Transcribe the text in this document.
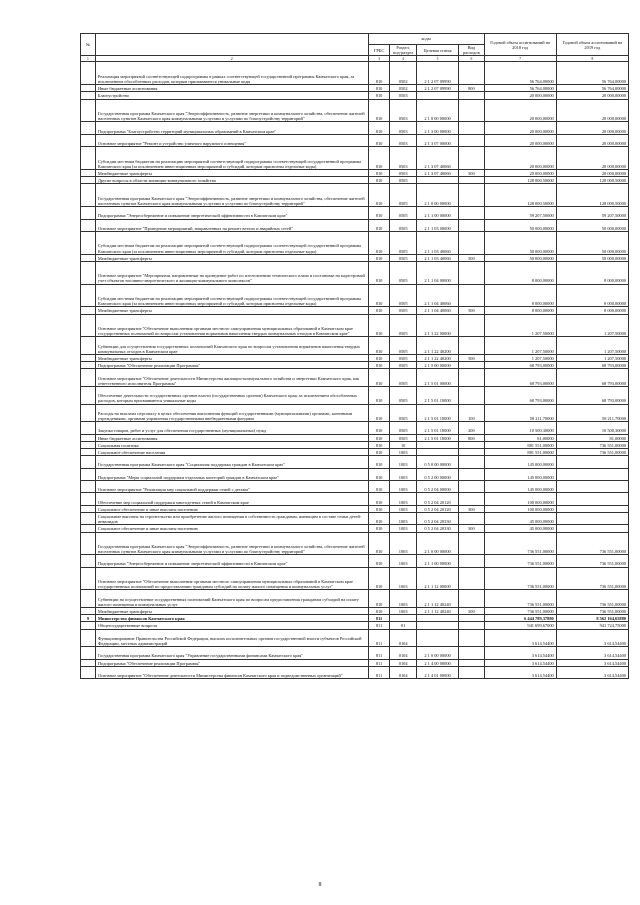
№		коды				Годовой объем ассигнований на 2018 год	Годовой объем ассигнований на 2019 год
		ГРБС	Раздел, под-раздел	Целевая статья	Вид расходов		
1	2	3	4	5	6	7	8
	Реализация мероприятий соответствующей подпрограммы в рамках соответствующей государственной программы Камчатского края, за исключением обособленных расходов, которым присваиваются уникальные коды	810	0502	2 1 2 07 09990		56 764,00000	56 764,00000
	Иные бюджетные ассигнования	810	0502	2 1 2 07 09990	800	56 764,00000	56 764,00000
	Благоустройство	810	0503			20 000,00000	20 000,00000
	Государственная программа Камчатского края "Энергоэффективность, развитие энергетики и коммунального хозяйства, обеспечение жителей населенных пунктов Камчатского края коммунальными услугами и услугами по благоустройству территорий"	810	0503	2 1 0 00 00000		20 000,00000	20 000,00000
	Подпрограмма "Благоустройство территорий муниципальных образований в Камчатском крае"	810	0503	2 1 3 00 00000		20 000,00000	20 000,00000
	Основное мероприятие "Ремонт и устройство уличного наружного освещения"	810	0503	2 1 3 07 00000		20 000,00000	20 000,00000
	Субсидии местным бюджетам на реализацию мероприятий соответствующей подпрограммы соответствующей государственной программы Камчатского края (за исключением инвестиционных мероприятий и субсидий, которым присвоены отдельные коды)	810	0503	2 1 3 07 40060		20 000,00000	20 000,00000
	Межбюджетные трансферты	810	0503	2 1 3 07 40060	500	20 000,00000	20 000,00000
	Другие вопросы в области жилищно-коммунального хозяйства	810	0505			128 000,50000	128 000,50000
	Государственная программа Камчатского края "Энергоэффективность, развитие энергетики и коммунального хозяйства, обеспечение жителей населенных пунктов Камчатского края коммунальными услугами и услугами по благоустройству территорий"	810	0505	2 1 0 00 00000		128 000,50000	128 000,50000
	Подпрограмма "Энергосбережение и повышение энергетической эффективности в Камчатском крае"	810	0505	2 1 1 00 00000		59 207,50000	59 207,50000
	Основное мероприятие "Проведение мероприятий, направленных на ремонт ветхих и аварийных сетей"	810	0505	2 1 1 03 00000		50 000,00000	50 000,00000
	Субсидии местным бюджетам на реализацию мероприятий соответствующей подпрограммы соответствующей государственной программы Камчатского края (за исключением инвестиционных мероприятий и субсидий, которым присвоены отдельные коды)	810	0505	2 1 1 03 40060		50 000,00000	50 000,00000
	Межбюджетные трансферты	810	0505	2 1 1 03 40060	500	50 000,00000	50 000,00000
	Основное мероприятие "Мероприятия, направленные на проведение работ по изготовлению технического плана и постановке на кадастровый учет объектов топливно-энергетического и жилищно-коммунального комплексов"	810	0505	2 1 1 04 00000		8 000,00000	8 000,00000
	Субсидии местным бюджетам на реализацию мероприятий соответствующей подпрограммы соответствующей государственной программы Камчатского края (за исключением инвестиционных мероприятий и субсидий, которым присвоены отдельные коды)	810	0505	2 1 1 04 40060		8 000,00000	8 000,00000
	Межбюджетные трансферты	810	0505	2 1 1 04 40060	500	8 000,00000	8 000,00000
	Основное мероприятие "Обеспечение выполнения органами местного самоуправления муниципальных образований в Камчатском крае государственных полномочий по вопросам установления нормативов накопления твердых коммунальных отходов в Камчатском крае"	810	0505	2 1 1 22 00000		1 207,50000	1 207,50000
	Субвенции для осуществления государственных полномочий Камчатского края по вопросам установления нормативов накопления твердых коммунальных отходов в Камчатском крае	810	0505	2 1 1 22 40200		1 207,50000	1 207,50000
	Межбюджетные трансферты	810	0505	2 1 1 22 40200	500	1 207,50000	1 207,50000
	Подпрограмма "Обеспечение реализации Программы"	810	0505	2 1 5 00 00000		68 793,00000	68 793,00000
	Основное мероприятие "Обеспечение деятельности Министерства жилищно-коммунального хозяйства и энергетики Камчатского края, как ответственного исполнителя Программы"	810	0505	2 1 5 01 00000		68 793,00000	68 793,00000
	Обеспечение деятельности государственных органов власти (государственных органов) Камчатского края, за исключением обособленных расходов, которым присваиваются уникальные коды	810	0505	2 1 5 01 10000		68 793,00000	68 793,00000
	Расходы на выплаты персоналу в целях обеспечения выполнения функций государственными (муниципальными) органами, казенными учреждениями, органами управления государственными внебюджетными фондами	810	0505	2 1 5 01 10000	100	58 211,70000	58 211,70000
	Закупка товаров, работ и услуг для обеспечения государственных (муниципальных) нужд	810	0505	2 1 5 01 10000	200	10 500,30000	10 500,30000
	Иные бюджетные ассигнования	810	0505	2 1 5 01 10000	800	81,00000	81,00000
	Социальная политика	810	10			881 551,00000	736 551,00000
	Социальное обеспечение населения	810	1003			881 551,00000	736 551,00000
	Государственная программа Камчатского края "Социальная поддержка граждан в Камчатском крае"	810	1003	0 5 0 00 00000		145 000,00000	
	Подпрограмма "Меры социальной поддержки отдельных категорий граждан в Камчатском крае"	810	1003	0 5 2 00 00000		145 000,00000	
	Основное мероприятие "Реализация мер социальной поддержки семей с детьми"	810	1003	0 5 2 04 00000		145 000,00000	
	Обеспечение мер социальной поддержки многодетных семей в Камчатском крае	810	1003	0 5 2 04 20120		100 000,00000	
	Социальное обеспечение и иные выплаты населению	810	1003	0 5 2 04 20120	300	100 000,00000	
	Социальные выплаты на строительство или приобретение жилого помещения в собственность гражданам, имеющим в составе семьи детей-инвалидов	810	1003	0 5 2 04 20330		45 000,00000	
	Социальное обеспечение и иные выплаты населению	810	1003	0 5 2 04 20330	300	45 000,00000	
	Государственная программа Камчатского края "Энергоэффективность, развитие энергетики и коммунального хозяйства, обеспечение жителей населенных пунктов Камчатского края коммунальными услугами и услугами по благоустройству территорий"	810	1003	2 1 0 00 00000		736 551,00000	736 551,00000
	Подпрограмма "Энергосбережение и повышение энергетической эффективности в Камчатском крае"	810	1003	2 1 1 00 00000		736 551,00000	736 551,00000
	Основное мероприятие "Обеспечение выполнения органами местного самоуправления муниципальных образований в Камчатском крае государственных полномочий по предоставлению гражданам субсидий на оплату жилого помещения и коммунальных услуг"	810	1003	2 1 1 12 00000		736 551,00000	736 551,00000
	Субвенции на осуществление государственных полномочий Камчатского края по вопросам предоставления гражданам субсидий на оплату жилого помещения и коммунальных услуг	810	1003	2 1 1 12 40240		736 551,00000	736 551,00000
	Межбюджетные трансферты	810	1003	2 1 1 12 40240	500	736 551,00000	736 551,00000
9	Министерство финансов Камчатского края	811				6 444 789,37880	8 562 164,65880
	Общегосударственные вопросы	811	01			941 699,67000	941 724,75000
	Функционирование Правительства Российской Федерации, высших исполнительных органов государственной власти субъектов Российской Федерации, местных администраций	811	0104			3 614,54400	3 614,54400
	Государственная программа Камчатского края "Управление государственными финансами Камчатского края"	811	0104	2 1 0 00 00000		3 614,54400	3 614,54400
	Подпрограмма "Обеспечение реализации Программы"	811	0104	2 1 4 00 00000		3 614,54400	3 614,54400
	Основное мероприятие "Обеспечение деятельности Министерства финансов Камчатского края и подведомственных организаций"	811	0104	2 1 4 01 00000		3 614,54400	3 614,54400
8
